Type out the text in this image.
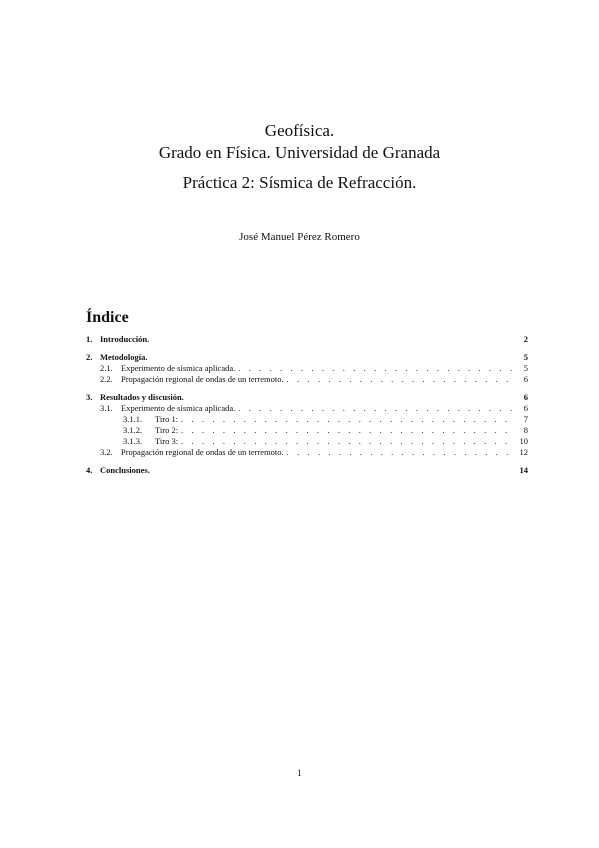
Geofísica.
Grado en Física. Universidad de Granada
Práctica 2: Sísmica de Refracción.
José Manuel Pérez Romero
Índice
1. Introducción.	2
2. Metodología.	5
2.1. Experimento de sísmica aplicada. . . .	5
2.2. Propagación regional de ondas de un terremoto. . . .	6
3. Resultados y discusión.	6
3.1. Experimento de sísmica aplicada. . . .	6
3.1.1.	Tiro 1: . . .	7
3.1.2.	Tiro 2: . . .	8
3.1.3.	Tiro 3: . . .	10
3.2. Propagación regional de ondas de un terremoto. . . .	12
4. Conclusiones.	14
1
